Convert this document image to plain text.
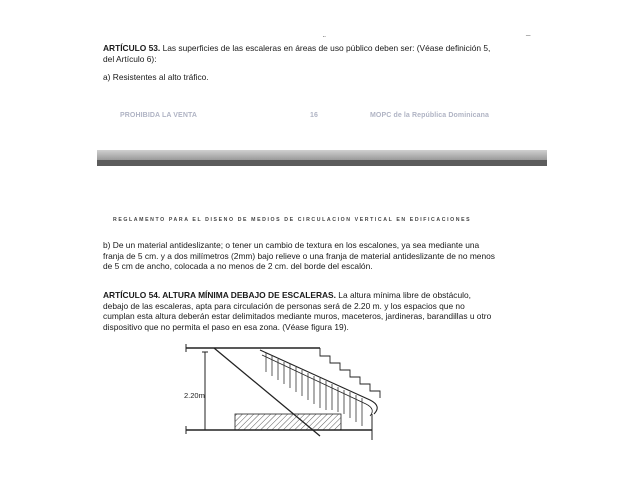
¨	¯
ARTÍCULO 53. Las superficies de las escaleras en áreas de uso público deben ser: (Véase definición 5,
del Artículo 6):
a) Resistentes al alto tráfico.
PROHIBIDA LA VENTA	16	MOPC de la República Dominicana
REGLAMENTO PARA EL DISEÑO DE MEDIOS DE CIRCULACIÓN VERTICAL EN EDIFICACIONES
b) De un material antideslizante; o tener un cambio de textura en los escalones, ya sea mediante una
franja de 5 cm. y a dos milímetros (2mm) bajo relieve o una franja de material antideslizante de no menos
de 5 cm de ancho, colocada a no menos de 2 cm. del borde del escalón.
ARTÍCULO 54. ALTURA MÍNIMA DEBAJO DE ESCALERAS. La altura mínima libre de obstáculo,
debajo de las escaleras, apta para circulación de personas será de 2.20 m. y los espacios que no
cumplan esta altura deberán estar delimitados mediante muros, maceteros, jardineras, barandillas u otro
dispositivo que no permita el paso en esa zona. (Véase figura 19).
2.20m
